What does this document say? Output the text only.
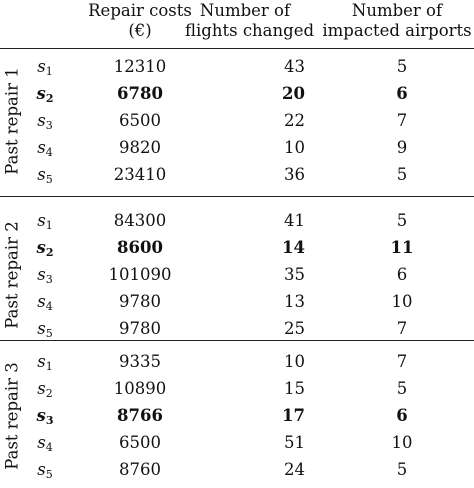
Repair costs
(€)
Number of
flights changed
Number of
impacted airports
Past repair 1
$s_1$	12310	43	5
$s_2$	6780	20	6
$s_3$	6500	22	7
$s_4$	9820	10	9
$s_5$	23410	36	5
Past repair 2
$s_1$	84300	41	5
$s_2$	8600	14	11
$s_3$	101090	35	6
$s_4$	9780	13	10
$s_5$	9780	25	7
Past repair 3
$s_1$	9335	10	7
$s_2$	10890	15	5
$s_3$	8766	17	6
$s_4$	6500	51	10
$s_5$	8760	24	5
